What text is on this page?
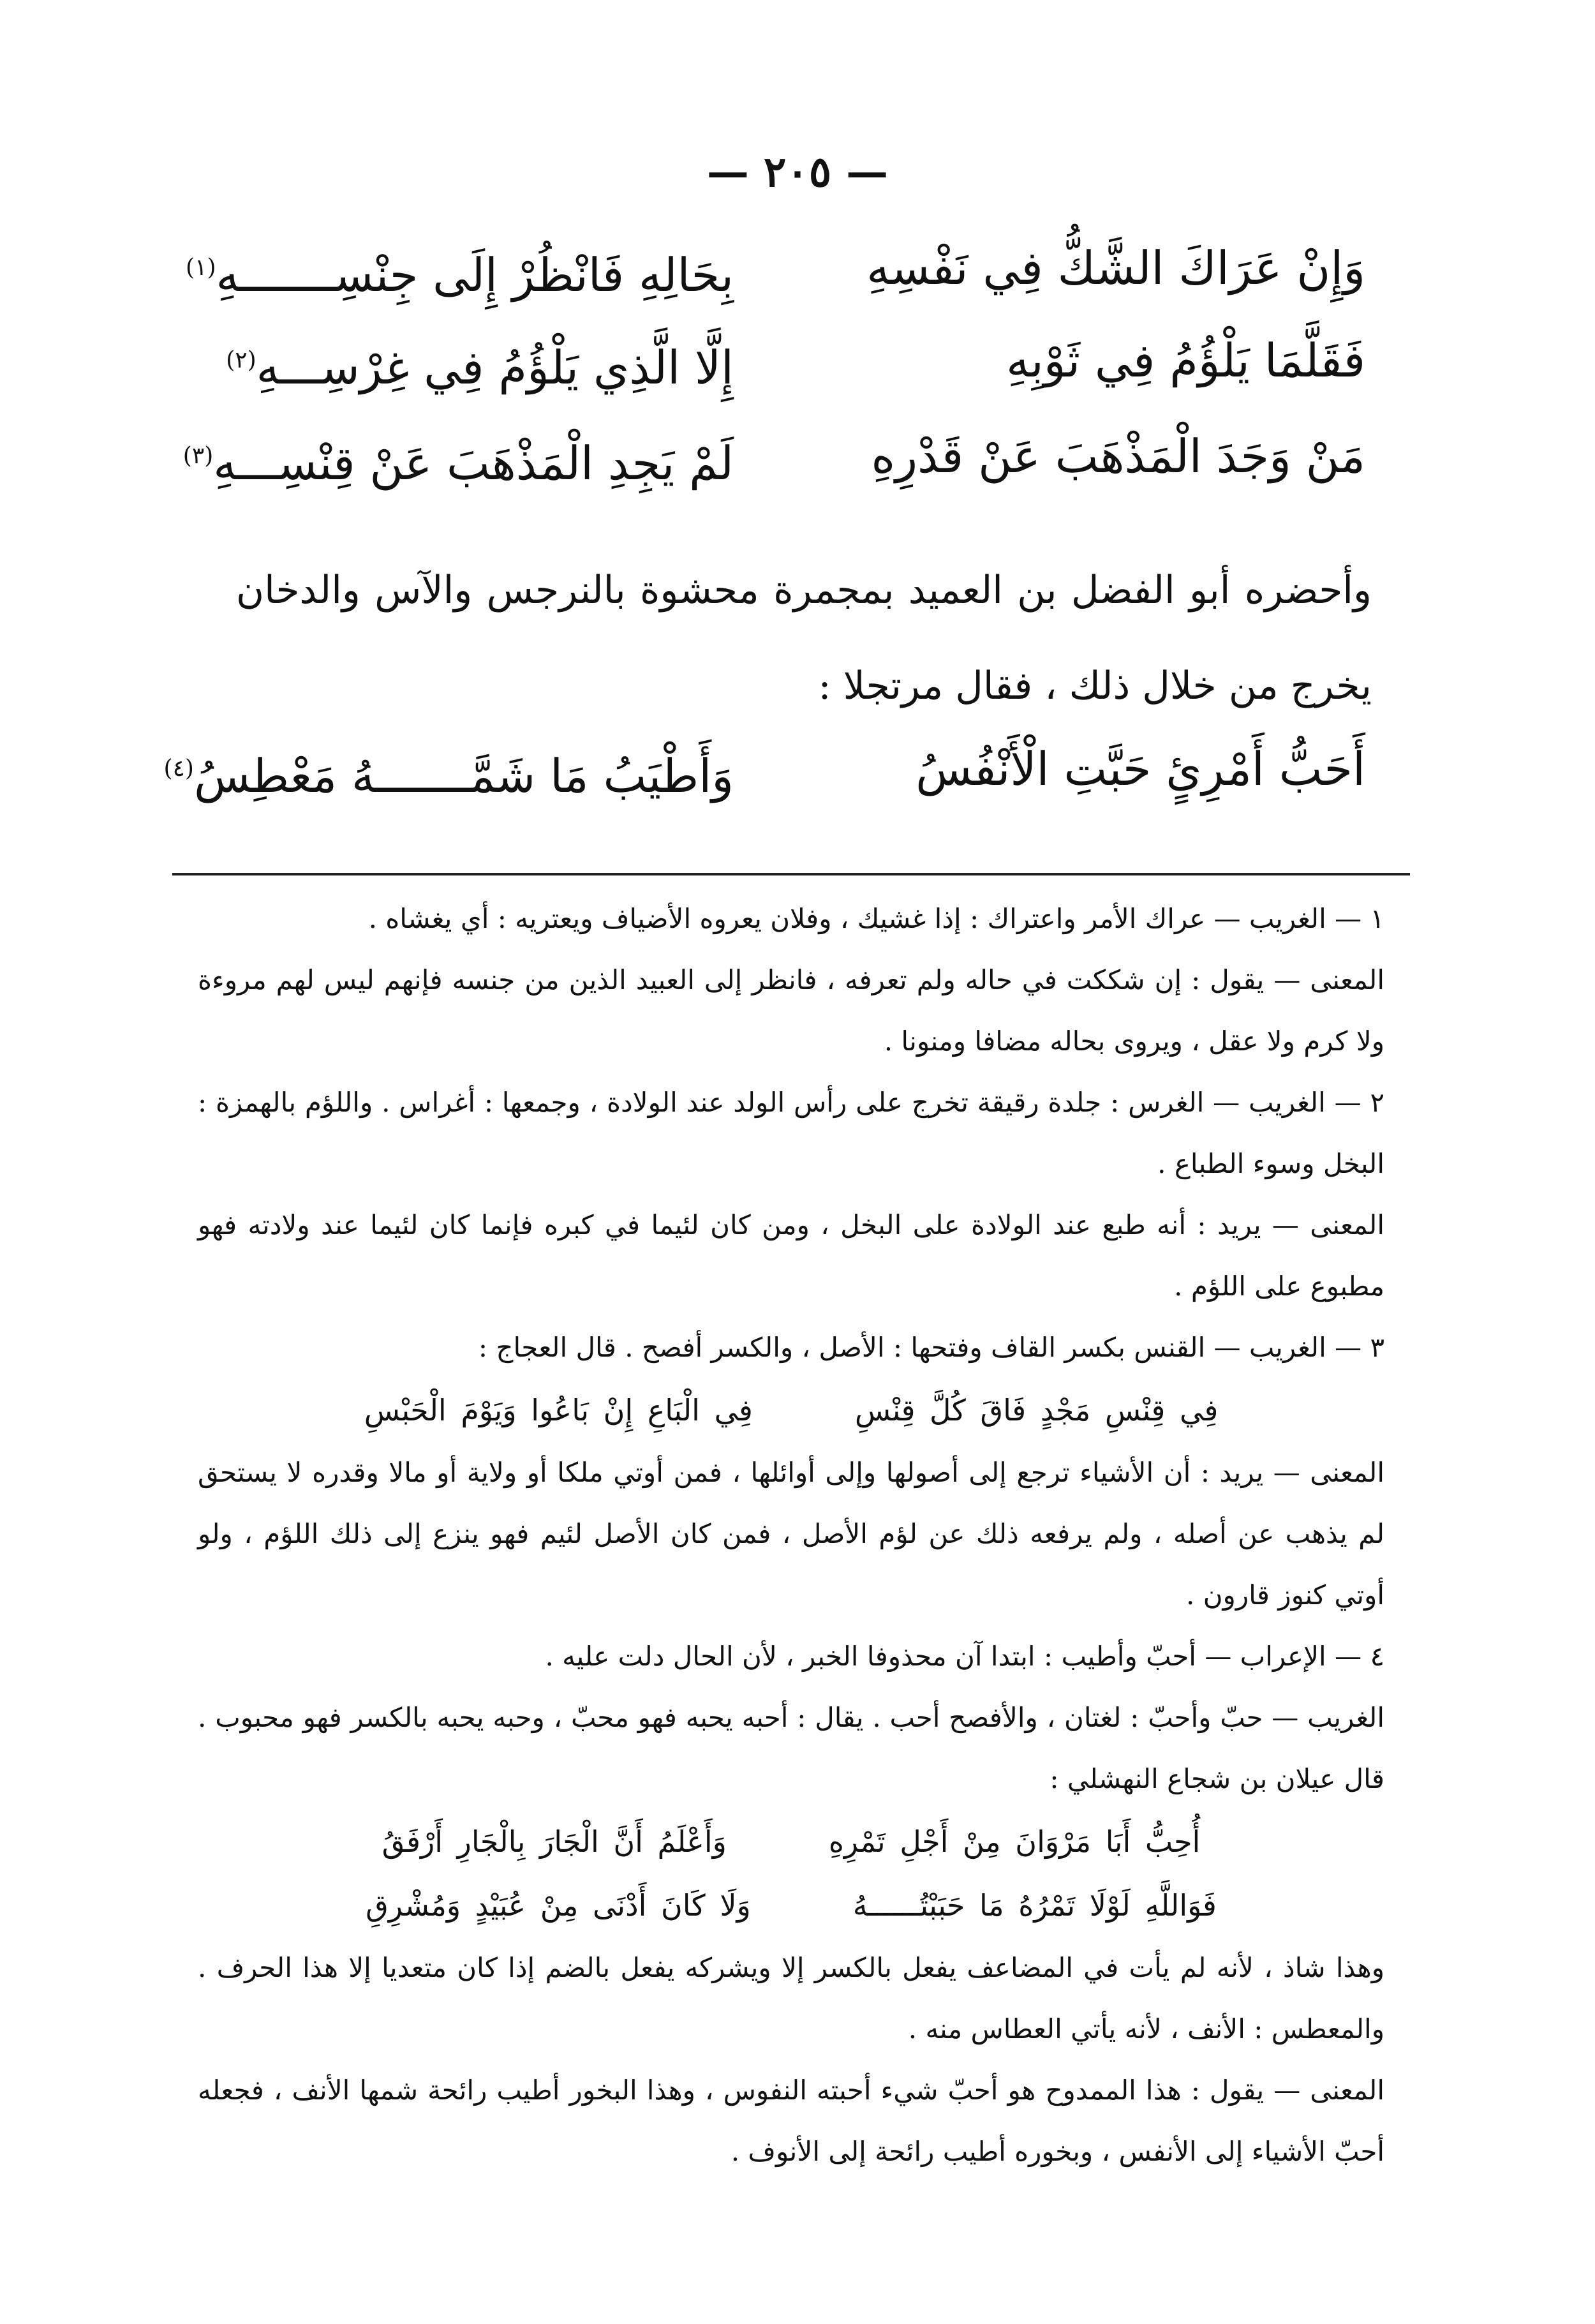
— ٢٠٥ —
وَإِنْ عَرَاكَ الشَّكُّ فِي نَفْسِهِ
بِحَالِهِ فَانْظُرْ إِلَى جِنْسِـــــــهِ$^{(١)}$
فَقَلَّمَا يَلْؤُمُ فِي ثَوْبِهِ
إِلَّا الَّذِي يَلْؤُمُ فِي غِرْسِـــهِ$^{(٢)}$
مَنْ وَجَدَ الْمَذْهَبَ عَنْ قَدْرِهِ
لَمْ يَجِدِ الْمَذْهَبَ عَنْ قِنْسِـــهِ$^{(٣)}$
وأحضره أبو الفضل بن العميد بمجمرة محشوة بالنرجس والآس والدخان يخرج من خلال ذلك ، فقال مرتجلا :
أَحَبُّ أَمْرِئٍ حَبَّتِ الْأَنْفُسُ
وَأَطْيَبُ مَا شَمَّـــــــهُ مَعْطِسُ$^{(٤)}$

١ — الغريب — عراك الأمر واعتراك : إذا غشيك ، وفلان يعروه الأضياف ويعتريه : أي يغشاه .

المعنى — يقول : إن شككت في حاله ولم تعرفه ، فانظر إلى العبيد الذين من جنسه فإنهم ليس لهم مروءة ولا كرم ولا عقل ، ويروى بحاله مضافا ومنونا .

٢ — الغريب — الغرس : جلدة رقيقة تخرج على رأس الولد عند الولادة ، وجمعها : أغراس . واللؤم بالهمزة : البخل وسوء الطباع .

المعنى — يريد : أنه طبع عند الولادة على البخل ، ومن كان لئيما في كبره فإنما كان لئيما عند ولادته فهو مطبوع على اللؤم .

٣ — الغريب — القنس بكسر القاف وفتحها : الأصل ، والكسر أفصح . قال العجاج :

فِي قِنْسِ مَجْدٍ فَاقَ كُلَّ قِنْسِفِي الْبَاعِ إِنْ بَاعُوا وَيَوْمَ الْحَبْسِ

المعنى — يريد : أن الأشياء ترجع إلى أصولها وإلى أوائلها ، فمن أوتي ملكا أو ولاية أو مالا وقدره لا يستحق لم يذهب عن أصله ، ولم يرفعه ذلك عن لؤم الأصل ، فمن كان الأصل لئيم فهو ينزع إلى ذلك اللؤم ، ولو أوتي كنوز قارون .

٤ — الإعراب — أحبّ وأطيب : ابتدا آن محذوفا الخبر ، لأن الحال دلت عليه .

الغريب — حبّ وأحبّ : لغتان ، والأفصح أحب . يقال : أحبه يحبه فهو محبّ ، وحبه يحبه بالكسر فهو محبوب . قال عيلان بن شجاع النهشلي :

أُحِبُّ أَبَا مَرْوَانَ مِنْ أَجْلِ تَمْرِهِوَأَعْلَمُ أَنَّ الْجَارَ بِالْجَارِ أَرْفَقُ

فَوَاللَّهِ لَوْلَا تَمْرُهُ مَا حَبَبْتُــــــهُوَلَا كَانَ أَدْنَى مِنْ عُبَيْدٍ وَمُشْرِقِ

وهذا شاذ ، لأنه لم يأت في المضاعف يفعل بالكسر إلا ويشركه يفعل بالضم إذا كان متعديا إلا هذا الحرف . والمعطس : الأنف ، لأنه يأتي العطاس منه .

المعنى — يقول : هذا الممدوح هو أحبّ شيء أحبته النفوس ، وهذا البخور أطيب رائحة شمها الأنف ، فجعله أحبّ الأشياء إلى الأنفس ، وبخوره أطيب رائحة إلى الأنوف .
